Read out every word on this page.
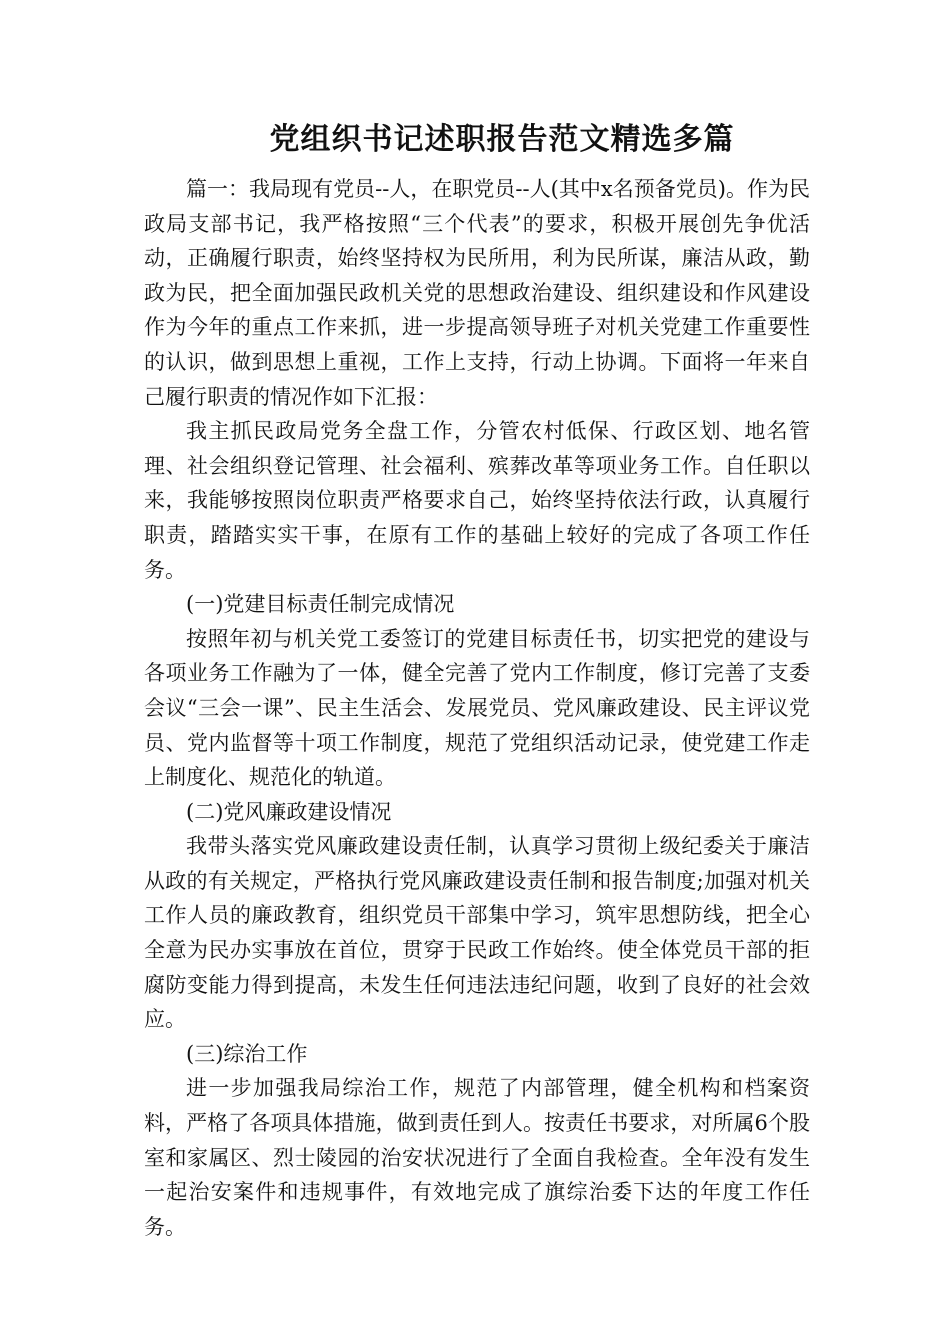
党组织书记述职报告范文精选多篇

篇一：我局现有党员--人，在职党员--人(其中x名预备党员)。作为民政局支部书记，我严格按照“三个代表”的要求，积极开展创先争优活动，正确履行职责，始终坚持权为民所用，利为民所谋，廉洁从政，勤政为民，把全面加强民政机关党的思想政治建设、组织建设和作风建设作为今年的重点工作来抓，进一步提高领导班子对机关党建工作重要性的认识，做到思想上重视，工作上支持，行动上协调。下面将一年来自己履行职责的情况作如下汇报：

我主抓民政局党务全盘工作，分管农村低保、行政区划、地名管理、社会组织登记管理、社会福利、殡葬改革等项业务工作。自任职以来，我能够按照岗位职责严格要求自己，始终坚持依法行政，认真履行职责，踏踏实实干事，在原有工作的基础上较好的完成了各项工作任务。

(一)党建目标责任制完成情况

按照年初与机关党工委签订的党建目标责任书，切实把党的建设与各项业务工作融为了一体，健全完善了党内工作制度，修订完善了支委会议“三会一课”、民主生活会、发展党员、党风廉政建设、民主评议党员、党内监督等十项工作制度，规范了党组织活动记录，使党建工作走上制度化、规范化的轨道。

(二)党风廉政建设情况

我带头落实党风廉政建设责任制，认真学习贯彻上级纪委关于廉洁从政的有关规定，严格执行党风廉政建设责任制和报告制度;加强对机关工作人员的廉政教育，组织党员干部集中学习，筑牢思想防线，把全心全意为民办实事放在首位，贯穿于民政工作始终。使全体党员干部的拒腐防变能力得到提高，未发生任何违法违纪问题，收到了良好的社会效应。

(三)综治工作

进一步加强我局综治工作，规范了内部管理，健全机构和档案资料，严格了各项具体措施，做到责任到人。按责任书要求，对所属6个股室和家属区、烈士陵园的治安状况进行了全面自我检查。全年没有发生一起治安案件和违规事件，有效地完成了旗综治委下达的年度工作任务。
